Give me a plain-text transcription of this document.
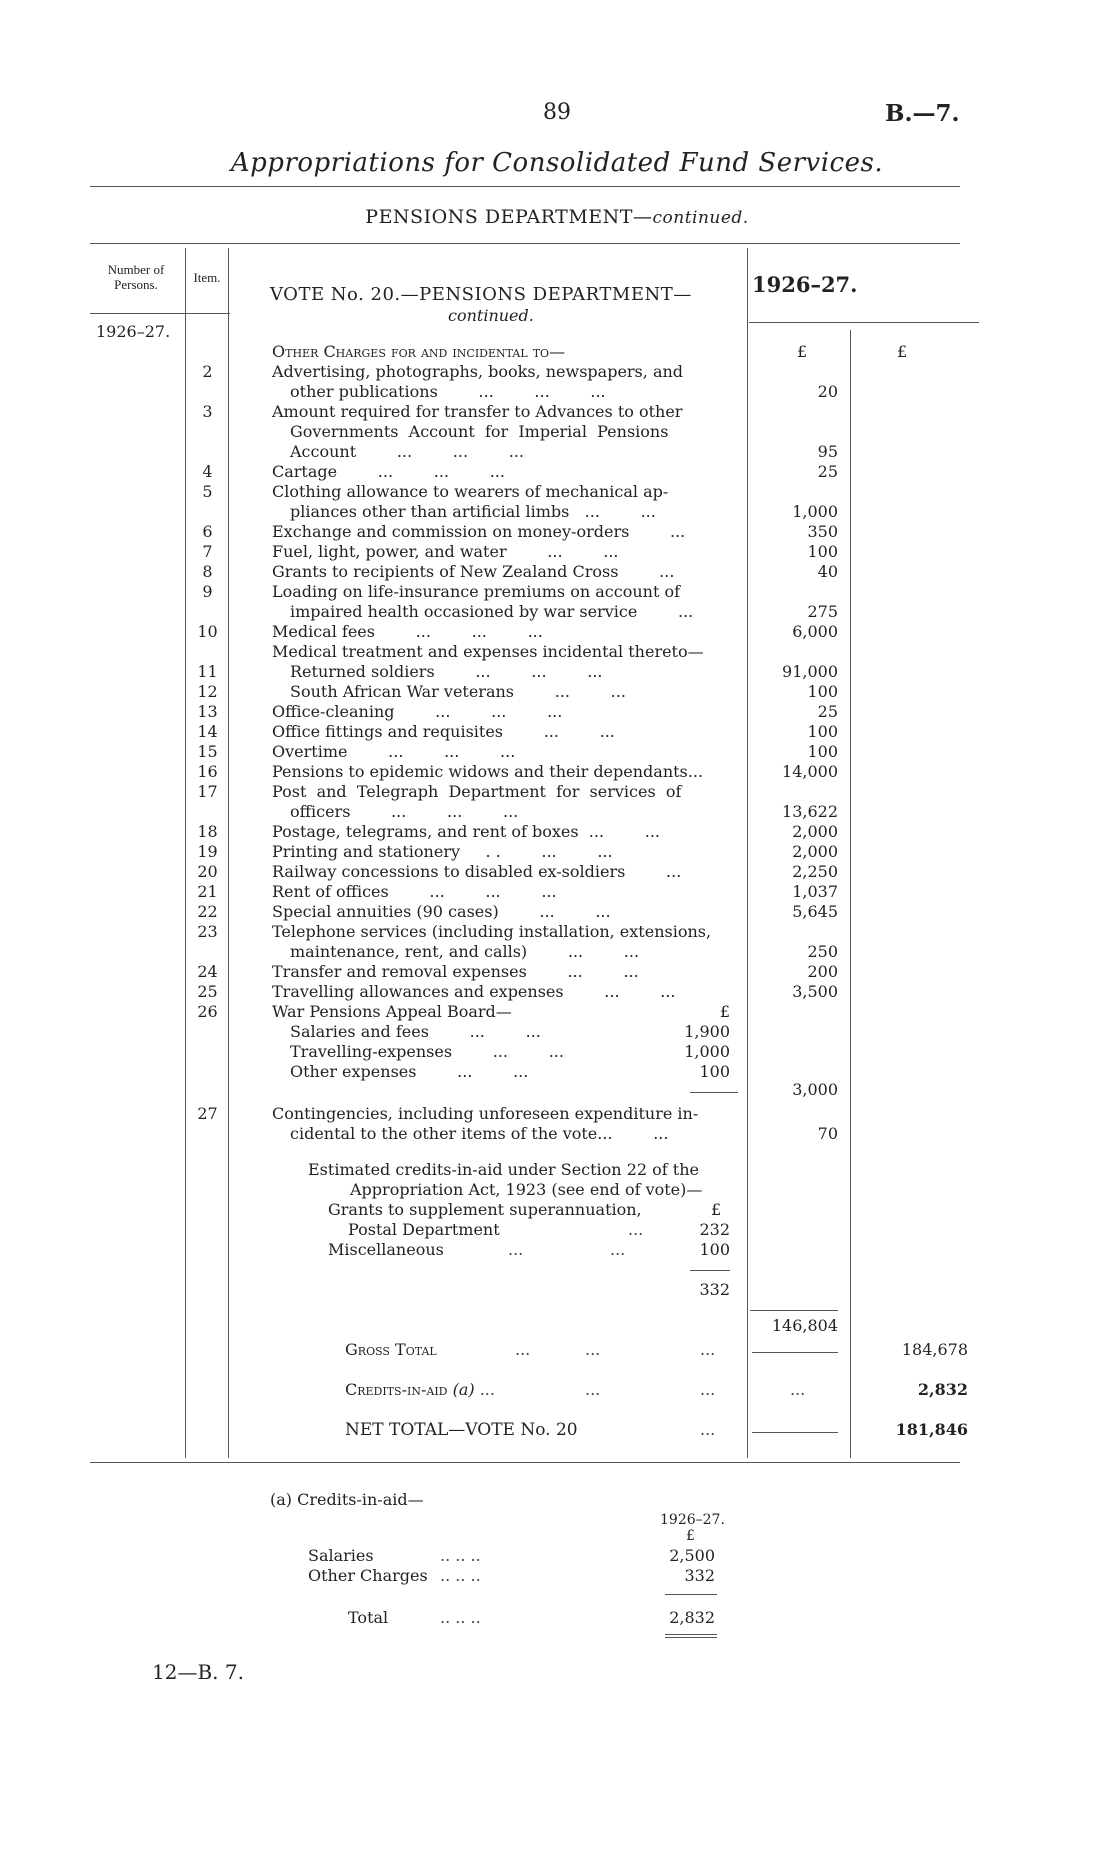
89	B.—7.
Appropriations for Consolidated Fund Services.
PENSIONS DEPARTMENT—continued.
Number of Persons.	Item.
VOTE No. 20.—PENSIONS DEPARTMENT—
continued.
1926–27.
1926–27.
Other Charges for and incidental to—	£	£
2	Advertising, photographs, books, newspapers, and
other publications        ...        ...        ...	20
3	Amount required for transfer to Advances to other
Governments  Account  for  Imperial  Pensions
Account        ...        ...        ...	95
4	Cartage        ...        ...        ...	25
5	Clothing allowance to wearers of mechanical ap-
pliances other than artificial limbs   ...        ...	1,000
6	Exchange and commission on money-orders        ...	350
7	Fuel, light, power, and water        ...        ...	100
8	Grants to recipients of New Zealand Cross        ...	40
9	Loading on life-insurance premiums on account of
impaired health occasioned by war service        ...	275
10	Medical fees        ...        ...        ...	6,000
Medical treatment and expenses incidental thereto—
11	Returned soldiers        ...        ...        ...	91,000
12	South African War veterans        ...        ...	100
13	Office-cleaning        ...        ...        ...	25
14	Office fittings and requisites        ...        ...	100
15	Overtime        ...        ...        ...	100
16	Pensions to epidemic widows and their dependants...	14,000
17	Post  and  Telegraph  Department  for  services  of
officers        ...        ...        ...	13,622
18	Postage, telegrams, and rent of boxes  ...        ...	2,000
19	Printing and stationery     . .        ...        ...	2,000
20	Railway concessions to disabled ex-soldiers        ...	2,250
21	Rent of offices        ...        ...        ...	1,037
22	Special annuities (90 cases)        ...        ...	5,645
23	Telephone services (including installation, extensions,
maintenance, rent, and calls)        ...        ...	250
24	Transfer and removal expenses        ...        ...	200
25	Travelling allowances and expenses        ...        ...	3,500
26	War Pensions Appeal Board—	£
Salaries and fees        ...        ...	1,900
Travelling-expenses        ...        ...	1,000
Other expenses        ...        ...	100
3,000
27	Contingencies, including unforeseen expenditure in-
cidental to the other items of the vote...        ...	70
Estimated credits-in-aid under Section 22 of the
Appropriation Act, 1923 (see end of vote)—
Grants to supplement superannuation,	£
Postal Department	...	232
Miscellaneous	...	...	100
332
146,804
Gross Total	...	...	...	184,678
Credits-in-aid (a) ...	...	...	...	2,832
NET TOTAL—VOTE No. 20	...	181,846
(a) Credits-in-aid—
1926–27.
£
Salaries	.. .. ..	2,500
Other Charges .. .. ..	332
Total	.. .. ..	2,832
12—B. 7.
